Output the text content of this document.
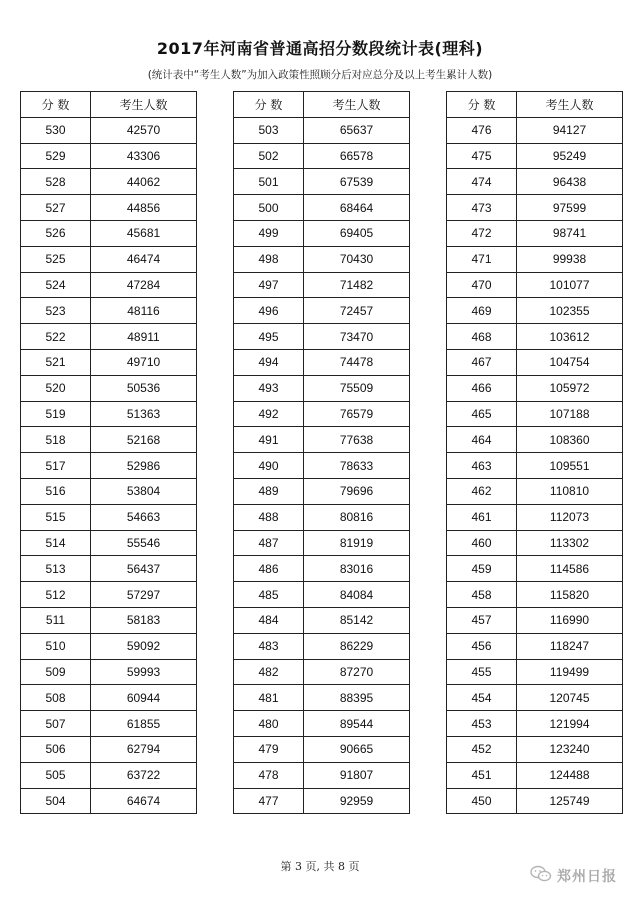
2017年河南省普通高招分数段统计表(理科)
(统计表中“考生人数”为加入政策性照顾分后对应总分及以上考生累计人数)
分 数	考生人数
530	42570
529	43306
528	44062
527	44856
526	45681
525	46474
524	47284
523	48116
522	48911
521	49710
520	50536
519	51363
518	52168
517	52986
516	53804
515	54663
514	55546
513	56437
512	57297
511	58183
510	59092
509	59993
508	60944
507	61855
506	62794
505	63722
504	64674
分 数	考生人数
503	65637
502	66578
501	67539
500	68464
499	69405
498	70430
497	71482
496	72457
495	73470
494	74478
493	75509
492	76579
491	77638
490	78633
489	79696
488	80816
487	81919
486	83016
485	84084
484	85142
483	86229
482	87270
481	88395
480	89544
479	90665
478	91807
477	92959
分 数	考生人数
476	94127
475	95249
474	96438
473	97599
472	98741
471	99938
470	101077
469	102355
468	103612
467	104754
466	105972
465	107188
464	108360
463	109551
462	110810
461	112073
460	113302
459	114586
458	115820
457	116990
456	118247
455	119499
454	120745
453	121994
452	123240
451	124488
450	125749
第 3 页, 共 8 页
郑州日报
